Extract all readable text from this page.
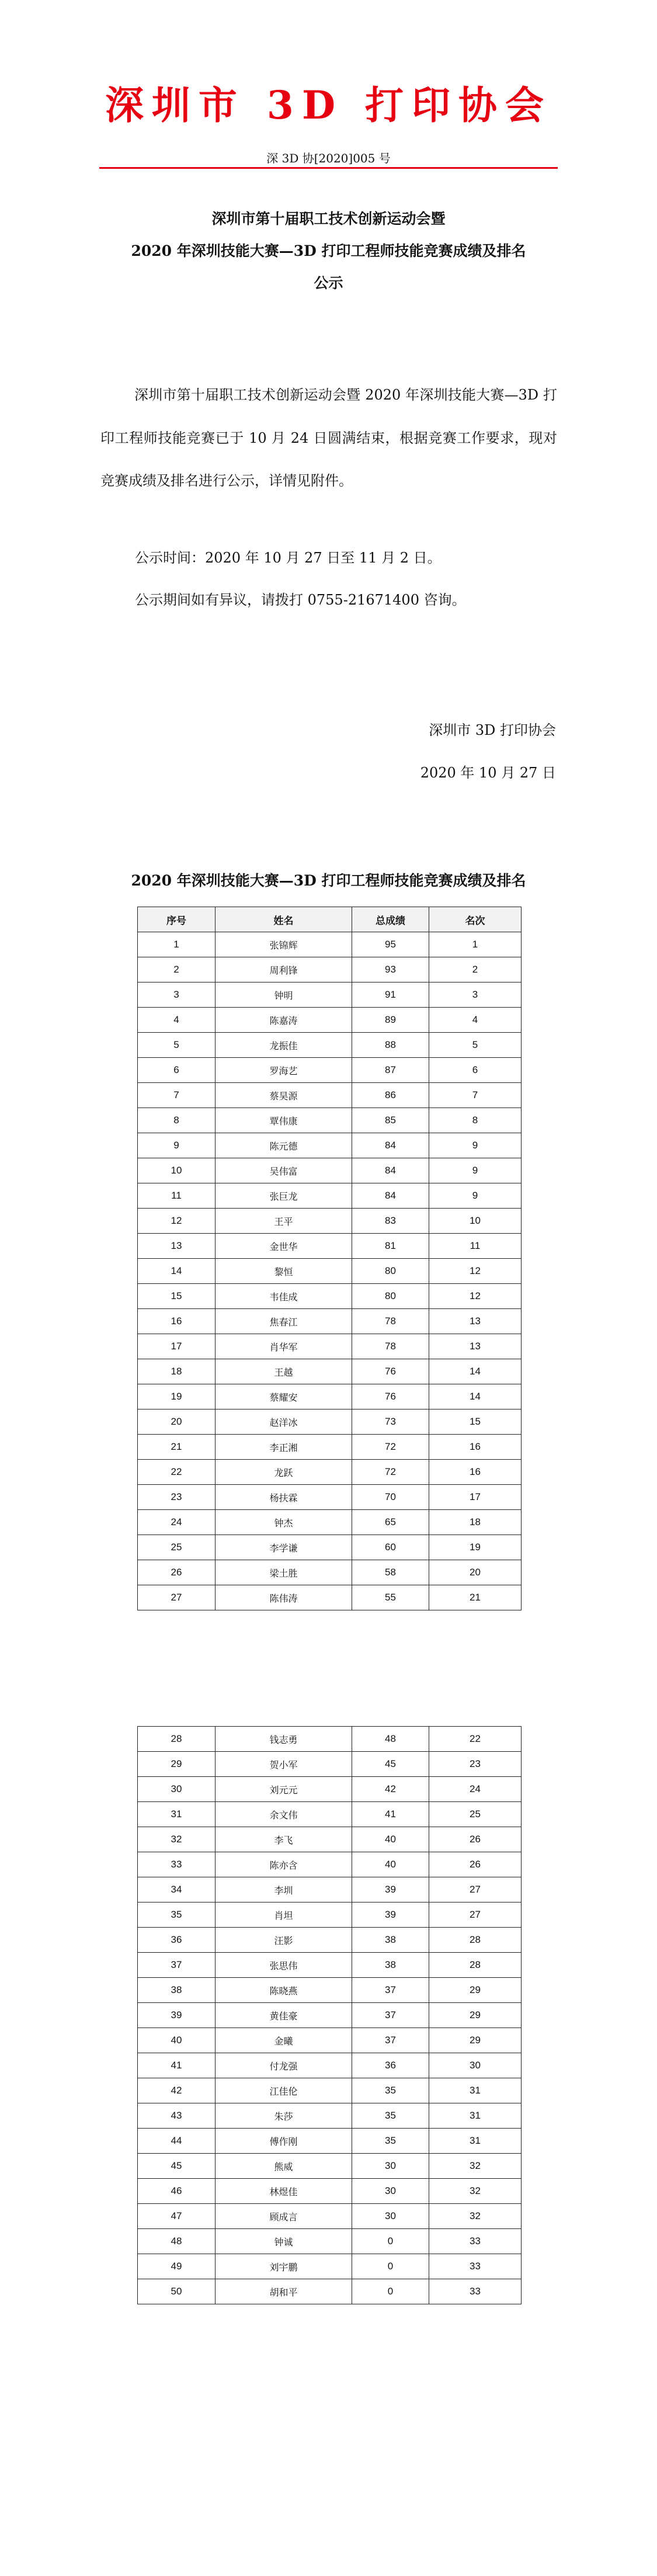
深圳市 3D 打印协会
深 3D 协[2020]005 号
深圳市第十届职工技术创新运动会暨
2020 年深圳技能大赛—3D 打印工程师技能竞赛成绩及排名
公示

深圳市第十届职工技术创新运动会暨 2020 年深圳技能大赛—3D 打印工程师技能竞赛已于 10 月 24 日圆满结束，根据竞赛工作要求，现对竞赛成绩及排名进行公示，详情见附件。

公示时间：2020 年 10 月 27 日至 11 月 2 日。
公示期间如有异议，请拨打 0755-21671400 咨询。
深圳市 3D 打印协会
2020 年 10 月 27 日
2020 年深圳技能大赛—3D 打印工程师技能竞赛成绩及排名
序号	姓名	总成绩	名次
1	张锦辉	95	1
2	周利锋	93	2
3	钟明	91	3
4	陈嘉涛	89	4
5	龙振佳	88	5
6	罗海艺	87	6
7	蔡昊源	86	7
8	覃伟康	85	8
9	陈元德	84	9
10	吴伟富	84	9
11	张巨龙	84	9
12	王平	83	10
13	金世华	81	11
14	黎恒	80	12
15	韦佳成	80	12
16	焦春江	78	13
17	肖华军	78	13
18	王越	76	14
19	蔡耀安	76	14
20	赵洋冰	73	15
21	李正湘	72	16
22	龙跃	72	16
23	杨扶霖	70	17
24	钟杰	65	18
25	李学谦	60	19
26	梁土胜	58	20
27	陈伟涛	55	21
28	钱志勇	48	22
29	贺小军	45	23
30	刘元元	42	24
31	余文伟	41	25
32	李飞	40	26
33	陈亦含	40	26
34	李圳	39	27
35	肖坦	39	27
36	汪影	38	28
37	张思伟	38	28
38	陈晓燕	37	29
39	黄佳豪	37	29
40	金曦	37	29
41	付龙强	36	30
42	江佳伦	35	31
43	朱莎	35	31
44	傅作刚	35	31
45	熊威	30	32
46	林煜佳	30	32
47	顾成言	30	32
48	钟诚	0	33
49	刘宇鹏	0	33
50	胡和平	0	33
